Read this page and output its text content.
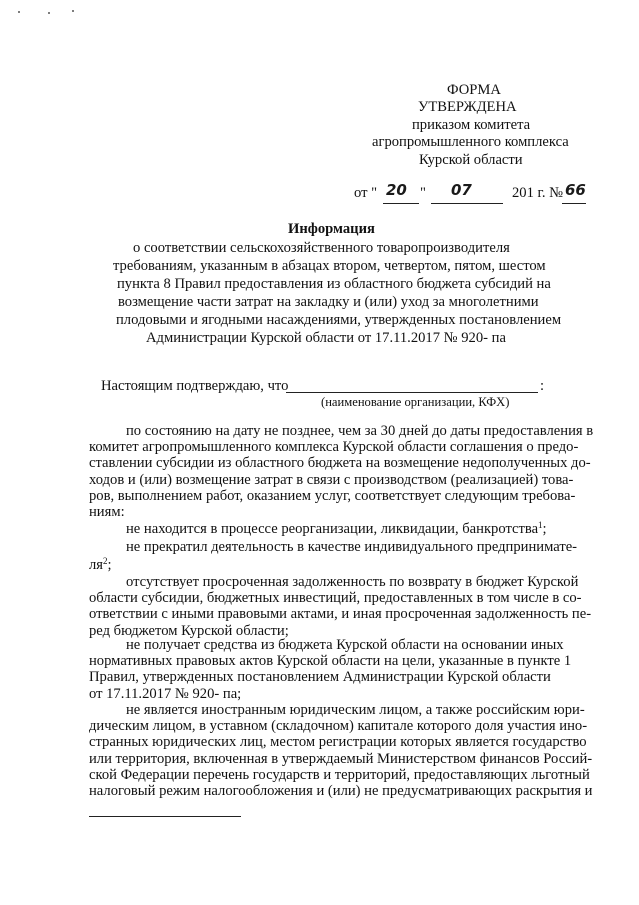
ФОРМА
УТВЕРЖДЕНА
приказом комитета
агропромышленного комплекса
Курской области
от " 20 " 07	201 г. № 66
Информация
о соответствии сельскохозяйственного товаропроизводителя
требованиям, указанным в абзацах втором, четвертом, пятом, шестом
пункта 8 Правил предоставления из областного бюджета субсидий на
возмещение части затрат на закладку и (или) уход за многолетними
плодовыми и ягодными насаждениями, утвержденных постановлением
Администрации Курской области от 17.11.2017 № 920- па
Настоящим подтверждаю, что	:
(наименование организации, КФХ)
по состоянию на дату не позднее, чем за 30 дней до даты предоставления в
комитет агропромышленного комплекса Курской области соглашения о предо-
ставлении субсидии из областного бюджета на возмещение недополученных до-
ходов и (или) возмещение затрат в связи с производством (реализацией) това-
ров, выполнением работ, оказанием услуг, соответствует следующим требова-
ниям:
не находится в процессе реорганизации, ликвидации, банкротства$^1$;
не прекратил деятельность в качестве индивидуального предпринимате-
$ля^2$;
отсутствует просроченная задолженность по возврату в бюджет Курской
области субсидии, бюджетных инвестиций, предоставленных в том числе в со-
ответствии с иными правовыми актами, и иная просроченная задолженность пе-
ред бюджетом Курской области;
не получает средства из бюджета Курской области на основании иных
нормативных правовых актов Курской области на цели, указанные в пункте 1
Правил, утвержденных постановлением Администрации Курской области
от 17.11.2017 № 920- па;
не является иностранным юридическим лицом, а также российским юри-
дическим лицом, в уставном (складочном) капитале которого доля участия ино-
странных юридических лиц, местом регистрации которых является государство
или территория, включенная в утверждаемый Министерством финансов Россий-
ской Федерации перечень государств и территорий, предоставляющих льготный
налоговый режим налогообложения и (или) не предусматривающих раскрытия и
